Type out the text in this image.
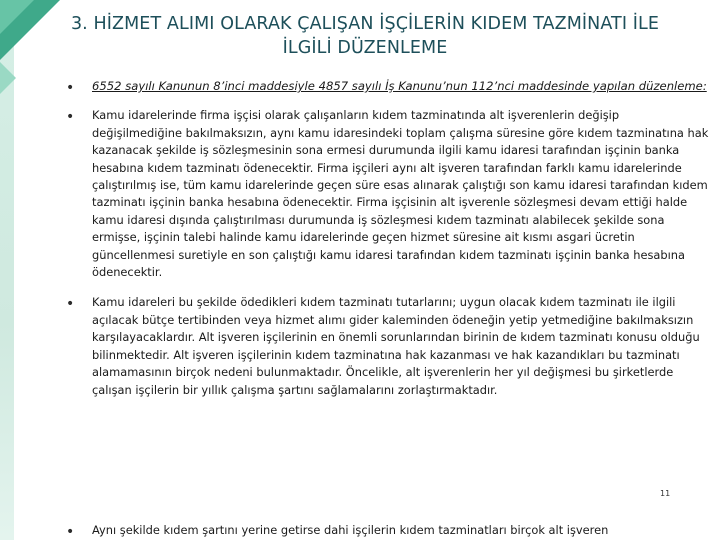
3. HİZMET ALIMI OLARAK ÇALIŞAN İŞÇİLERİN KIDEM TAZMİNATI İLE
İLGİLİ DÜZENLEME
• 6552 sayılı Kanunun 8’inci maddesiyle 4857 sayılı İş Kanunu’nun 112’nci maddesinde yapılan düzenleme:
• Kamu idarelerinde firma işçisi olarak çalışanların kıdem tazminatında alt işverenlerin değişip değişilmediğine bakılmaksızın, aynı kamu idaresindeki toplam çalışma süresine göre kıdem tazminatına hak kazanacak şekilde iş sözleşmesinin sona ermesi durumunda ilgili kamu idaresi tarafından işçinin banka hesabına kıdem tazminatı ödenecektir. Firma işçileri aynı alt işveren tarafından farklı kamu idarelerinde çalıştırılmış ise, tüm kamu idarelerinde geçen süre esas alınarak çalıştığı son kamu idaresi tarafından kıdem tazminatı işçinin banka hesabına ödenecektir. Firma işçisinin alt işverenle sözleşmesi devam ettiği halde kamu idaresi dışında çalıştırılması durumunda iş sözleşmesi kıdem tazminatı alabilecek şekilde sona ermişse, işçinin talebi halinde kamu idarelerinde geçen hizmet süresine ait kısmı asgari ücretin güncellenmesi suretiyle en son çalıştığı kamu idaresi tarafından kıdem tazminatı işçinin banka hesabına ödenecektir.
• Kamu idareleri bu şekilde ödedikleri kıdem tazminatı tutarlarını; uygun olacak kıdem tazminatı ile ilgili açılacak bütçe tertibinden veya hizmet alımı gider kaleminden ödeneğin yetip yetmediğine bakılmaksızın karşılayacaklardır. Alt işveren işçilerinin en önemli sorunlarından birinin de kıdem tazminatı konusu olduğu bilinmektedir. Alt işveren işçilerinin kıdem tazminatına hak kazanması ve hak kazandıkları bu tazminatı alamamasının birçok nedeni bulunmaktadır. Öncelikle, alt işverenlerin her yıl değişmesi bu şirketlerde çalışan işçilerin bir yıllık çalışma şartını sağlamalarını zorlaştırmaktadır.
11
• Aynı şekilde kıdem şartını yerine getirse dahi işçilerin kıdem tazminatları birçok alt işveren
